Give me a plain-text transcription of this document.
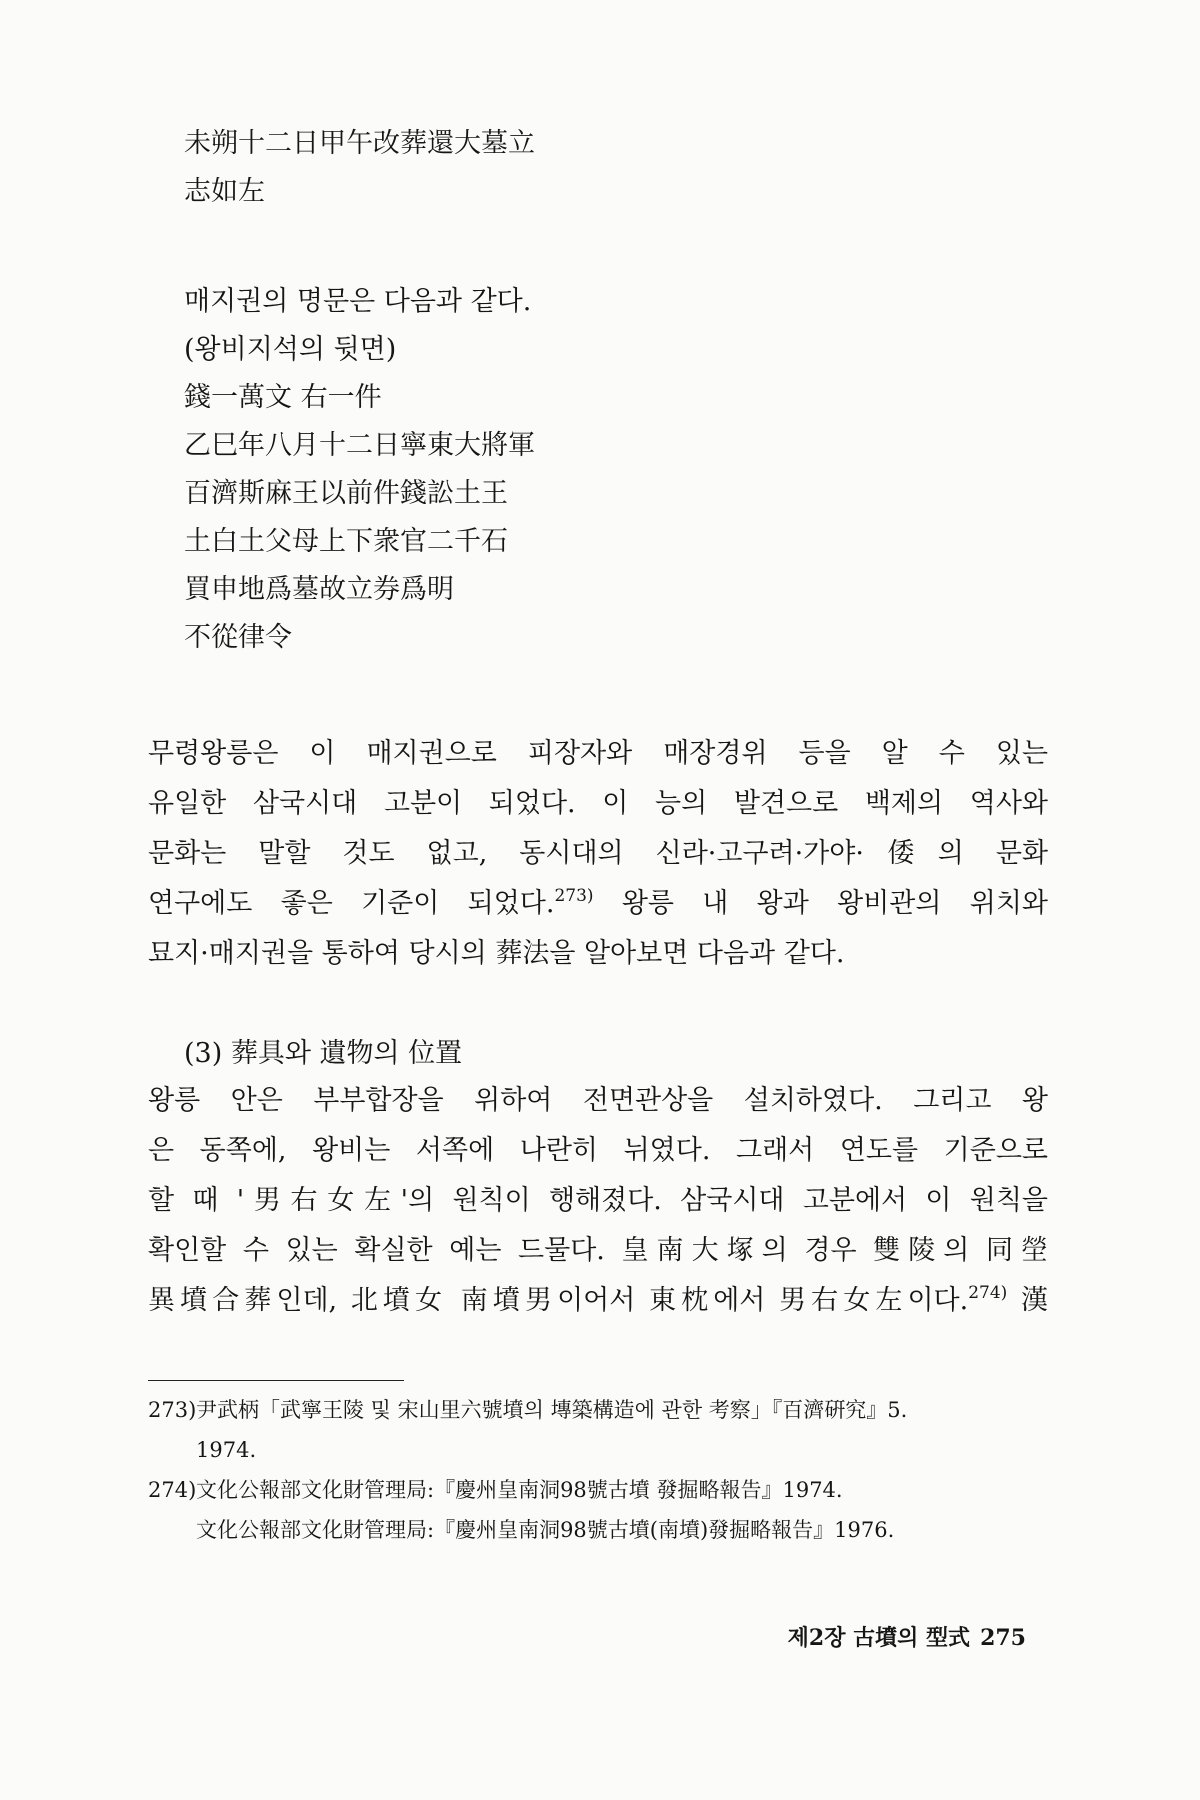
未朔十二日甲午改葬還大墓立
志如左
매지권의 명문은 다음과 같다.
(왕비지석의 뒷면)
錢一萬文 右一件
乙巳年八月十二日寧東大將軍
百濟斯麻王以前件錢訟土王
土白土父母上下衆官二千石
買申地爲墓故立券爲明
不從律令
무령왕릉은 이 매지권으로 피장자와 매장경위 등을 알 수 있는
유일한 삼국시대 고분이 되었다. 이 능의 발견으로 백제의 역사와
문화는 말할 것도 없고, 동시대의 신라·고구려·가야·倭의 문화
연구에도 좋은 기준이 되었다.$^{273)}$ 왕릉 내 왕과 왕비관의 위치와
묘지·매지권을 통하여 당시의 葬法을 알아보면 다음과 같다.
(3) 葬具와 遺物의 位置
왕릉 안은 부부합장을 위하여 전면관상을 설치하였다. 그리고 왕
은 동쪽에, 왕비는 서쪽에 나란히 뉘였다. 그래서 연도를 기준으로
할 때 '男右女左'의 원칙이 행해졌다. 삼국시대 고분에서 이 원칙을
확인할 수 있는 확실한 예는 드물다. 皇南大塚의 경우 雙陵의 同塋
異墳合葬인데, 北墳女 南墳男이어서 東枕에서 男右女左이다.$^{274)}$ 漢
273) 尹武柄「武寧王陵 및 宋山里六號墳의 塼築構造에 관한 考察」『百濟硏究』5.
1974.
274) 文化公報部文化財管理局:『慶州皇南洞98號古墳 發掘略報告』1974.
文化公報部文化財管理局:『慶州皇南洞98號古墳(南墳)發掘略報告』1976.
제2장 古墳의 型式 275
